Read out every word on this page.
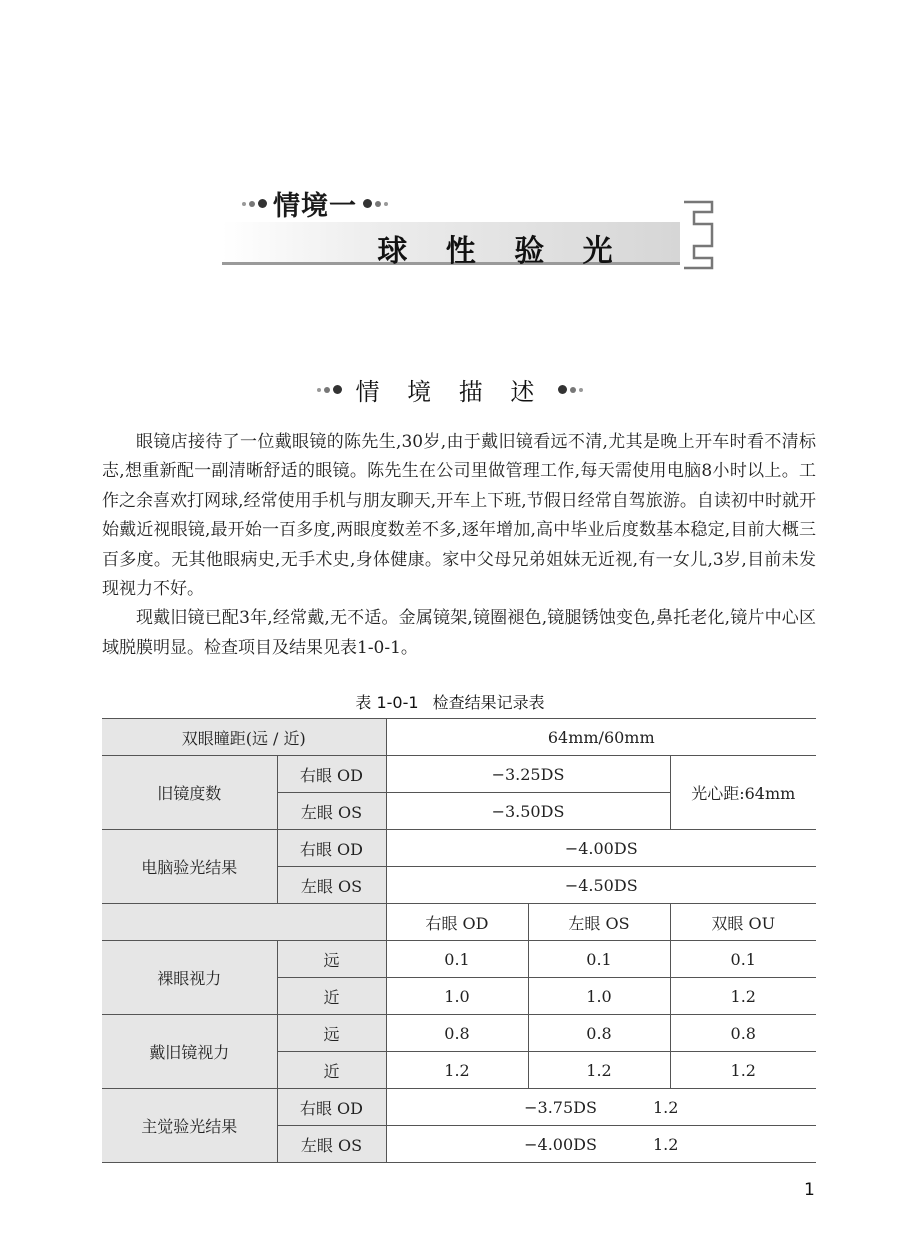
情境一
球 性 验 光
情 境 描 述

眼镜店接待了一位戴眼镜的陈先生,30岁,由于戴旧镜看远不清,尤其是晚上开车时看不清标志,想重新配一副清晰舒适的眼镜。陈先生在公司里做管理工作,每天需使用电脑8小时以上。工作之余喜欢打网球,经常使用手机与朋友聊天,开车上下班,节假日经常自驾旅游。自读初中时就开始戴近视眼镜,最开始一百多度,两眼度数差不多,逐年增加,高中毕业后度数基本稳定,目前大概三百多度。无其他眼病史,无手术史,身体健康。家中父母兄弟姐妹无近视,有一女儿,3岁,目前未发现视力不好。

现戴旧镜已配3年,经常戴,无不适。金属镜架,镜圈褪色,镜腿锈蚀变色,鼻托老化,镜片中心区域脱膜明显。检查项目及结果见表1-0-1。

表 1-0-1 检查结果记录表
双眼瞳距(远 / 近)		64mm/60mm		
旧镜度数	右眼 OD	−3.25DS		光心距:64mm
	左眼 OS	−3.50DS		
电脑验光结果	右眼 OD	−4.00DS		
	左眼 OS	−4.50DS		
		右眼 OD	左眼 OS	双眼 OU
裸眼视力	远	0.1	0.1	0.1
	近	1.0	1.0	1.2
戴旧镜视力	远	0.8	0.8	0.8
	近	1.2	1.2	1.2
主觉验光结果	右眼 OD	−3.75DS 1.2		
	左眼 OS	−4.00DS 1.2		
1
